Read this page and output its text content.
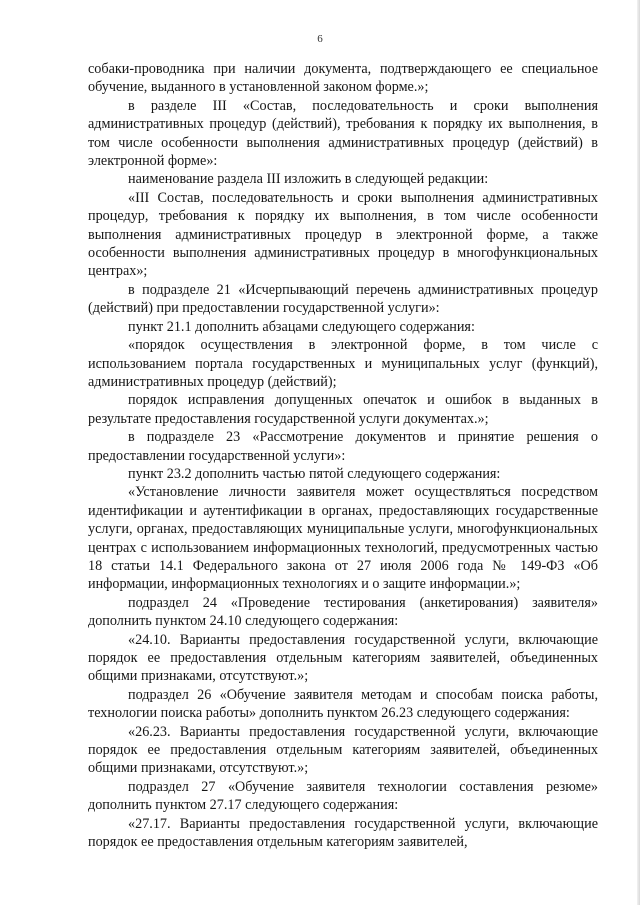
6

собаки-проводника при наличии документа, подтверждающего ее специальное обучение, выданного в установленной законом форме.»;

в разделе III «Состав, последовательность и сроки выполнения административных процедур (действий), требования к порядку их выполнения, в том числе особенности выполнения административных процедур (действий) в электронной форме»:

наименование раздела III изложить в следующей редакции:

«III Состав, последовательность и сроки выполнения административных процедур, требования к порядку их выполнения, в том числе особенности выполнения административных процедур в электронной форме, а также особенности выполнения административных процедур в многофункциональных центрах»;

в подразделе 21 «Исчерпывающий перечень административных процедур (действий) при предоставлении государственной услуги»:

пункт 21.1 дополнить абзацами следующего содержания:

«порядок осуществления в электронной форме, в том числе с использованием портала государственных и муниципальных услуг (функций), административных процедур (действий);

порядок исправления допущенных опечаток и ошибок в выданных в результате предоставления государственной услуги документах.»;

в подразделе 23 «Рассмотрение документов и принятие решения о предоставлении государственной услуги»:

пункт 23.2 дополнить частью пятой следующего содержания:

«Установление личности заявителя может осуществляться посредством идентификации и аутентификации в органах, предоставляющих государственные услуги, органах, предоставляющих муниципальные услуги, многофункциональных центрах с использованием информационных технологий, предусмотренных частью 18 статьи 14.1 Федерального закона от 27 июля 2006 года № 149-ФЗ «Об информации, информационных технологиях и о защите информации.»;

подраздел 24 «Проведение тестирования (анкетирования) заявителя» дополнить пунктом 24.10 следующего содержания:

«24.10. Варианты предоставления государственной услуги, включающие порядок ее предоставления отдельным категориям заявителей, объединенных общими признаками, отсутствуют.»;

подраздел 26 «Обучение заявителя методам и способам поиска работы, технологии поиска работы» дополнить пунктом 26.23 следующего содержания:

«26.23. Варианты предоставления государственной услуги, включающие порядок ее предоставления отдельным категориям заявителей, объединенных общими признаками, отсутствуют.»;

подраздел 27 «Обучение заявителя технологии составления резюме» дополнить пунктом 27.17 следующего содержания:

«27.17. Варианты предоставления государственной услуги, включающие порядок ее предоставления отдельным категориям заявителей,
